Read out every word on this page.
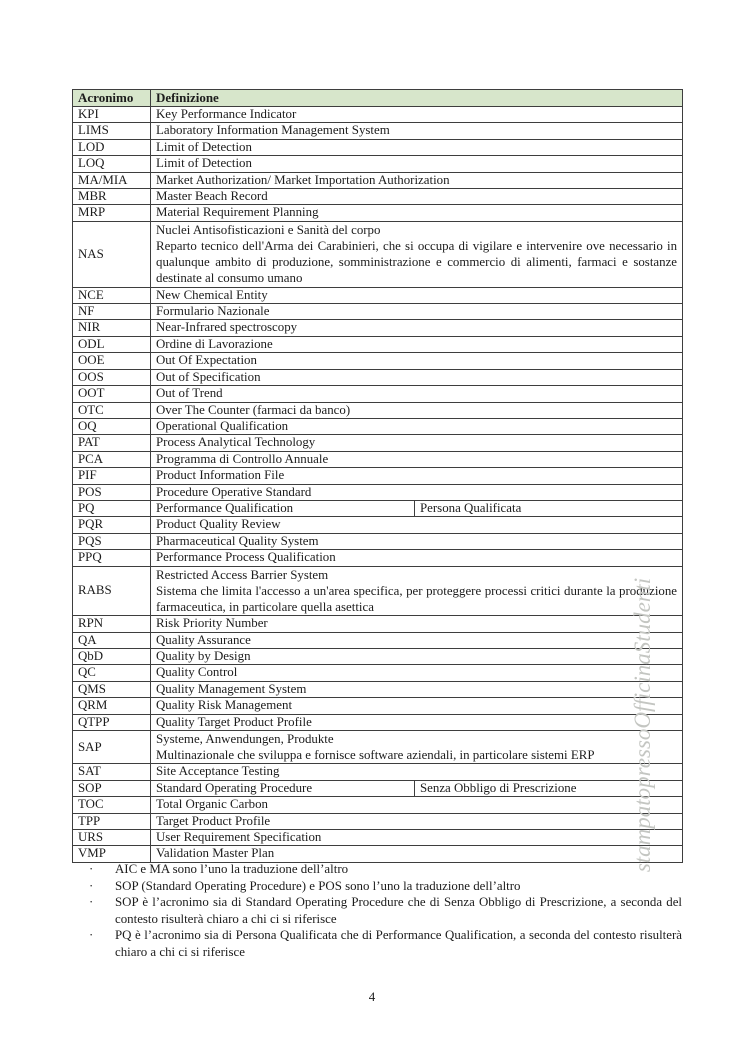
Acronimo	Definizione	
KPI	Key Performance Indicator	
LIMS	Laboratory Information Management System	
LOD	Limit of Detection	
LOQ	Limit of Detection	
MA/MIA	Market Authorization/ Market Importation Authorization	
MBR	Master Beach Record	
MRP	Material Requirement Planning	
NAS	Nuclei Antisofisticazioni e Sanità del corpo
Reparto tecnico dell'Arma dei Carabinieri, che si occupa di vigilare e intervenire ove necessario in qualunque ambito di produzione, somministrazione e commercio di alimenti, farmaci e sostanze destinate al consumo umano	

NCE	New Chemical Entity	
NF	Formulario Nazionale	
NIR	Near-Infrared spectroscopy	
ODL	Ordine di Lavorazione	
OOE	Out Of Expectation	
OOS	Out of Specification	
OOT	Out of Trend	
OTC	Over The Counter (farmaci da banco)	
OQ	Operational Qualification	
PAT	Process Analytical Technology	
PCA	Programma di Controllo Annuale	
PIF	Product Information File	
POS	Procedure Operative Standard	
PQ	Performance Qualification	Persona Qualificata
PQR	Product Quality Review	
PQS	Pharmaceutical Quality System	
PPQ	Performance Process Qualification	
RABS	Restricted Access Barrier System
Sistema che limita l'accesso a un'area specifica, per proteggere processi critici durante la produzione farmaceutica, in particolare quella asettica	

RPN	Risk Priority Number	
QA	Quality Assurance	
QbD	Quality by Design	
QC	Quality Control	
QMS	Quality Management System	
QRM	Quality Risk Management	
QTPP	Quality Target Product Profile	
SAP	Systeme, Anwendungen, Produkte
Multinazionale che sviluppa e fornisce software aziendali, in particolare sistemi ERP	

SAT	Site Acceptance Testing	
SOP	Standard Operating Procedure	Senza Obbligo di Prescrizione
TOC	Total Organic Carbon	
TPP	Target Product Profile	
URS	User Requirement Specification	
VMP	Validation Master Plan	
· AIC e MA sono l’uno la traduzione dell’altro
· SOP (Standard Operating Procedure) e POS sono l’uno la traduzione dell’altro
· SOP è l’acronimo sia di Standard Operating Procedure che di Senza Obbligo di Prescrizione, a seconda del contesto risulterà chiaro a chi ci si riferisce
· PQ è l’acronimo sia di Persona Qualificata che di Performance Qualification, a seconda del contesto risulterà chiaro a chi ci si riferisce
stampatopressoOfficinaStudenti
4
